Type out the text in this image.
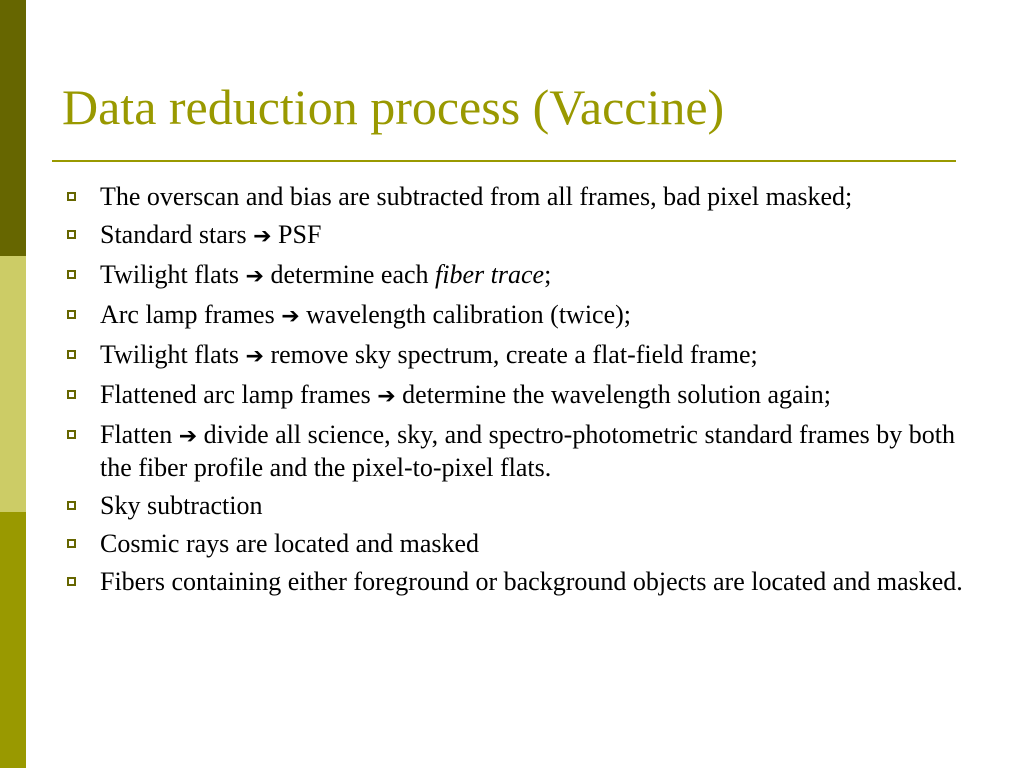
Data reduction process (Vaccine)
The overscan and bias are subtracted from all frames, bad pixel masked;
Standard stars ➔ PSF
Twilight flats ➔ determine each fiber trace;
Arc lamp frames ➔ wavelength calibration (twice);
Twilight flats ➔ remove sky spectrum, create a flat-field frame;
Flattened arc lamp frames ➔ determine the wavelength solution again;
Flatten ➔ divide all science, sky, and spectro-photometric standard frames by both the fiber profile and the pixel-to-pixel flats.
Sky subtraction
Cosmic rays are located and masked
Fibers containing either foreground or background objects are located and masked.
